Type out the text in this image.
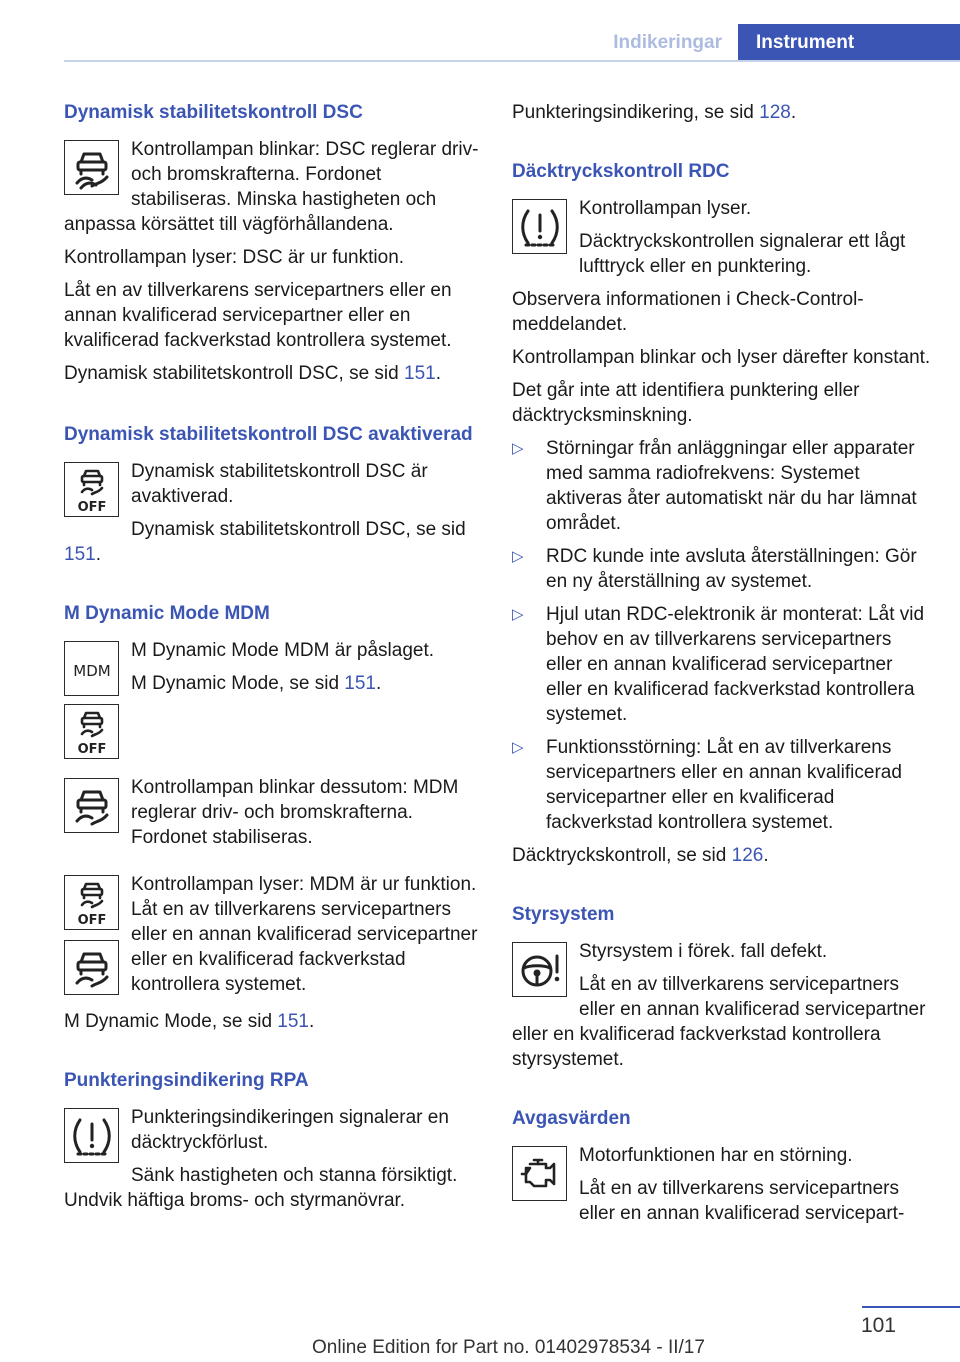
Indikeringar	Instrument
Dynamisk stabilitetskontroll DSC

Kontrollampan blinkar: DSC reglerar driv- och bromskrafterna. Fordonet stabiliseras. Minska hastigheten och anpassa körsättet till vägförhållandena.

Kontrollampan lyser: DSC är ur funktion.

Låt en av tillverkarens servicepartners eller en annan kvalificerad servicepartner eller en kvalificerad fackverkstad kontrollera systemet.

Dynamisk stabilitetskontroll DSC, se sid 151.

Dynamisk stabilitetskontroll DSC avaktiverad
OFF

Dynamisk stabilitetskontroll DSC är avaktiverad.

Dynamisk stabilitetskontroll DSC, se sid 151.

M Dynamic Mode MDM
MDM

M Dynamic Mode MDM är påslaget.

M Dynamic Mode, se sid 151.

OFF

Kontrollampan blinkar dessutom: MDM reglerar driv- och bromskrafterna. Fordonet stabiliseras.

OFF

Kontrollampan lyser: MDM är ur funktion. Låt en av tillverkarens servicepartners eller en annan kvalificerad servicepartner eller en kvalificerad fackverkstad kontrollera systemet.

M Dynamic Mode, se sid 151.

Punkteringsindikering RPA

Punkteringsindikeringen signalerar en däcktryckförlust.

Sänk hastigheten och stanna försiktigt. Undvik häftiga broms- och styrmanövrar.

Punkteringsindikering, se sid 128.

Däcktryckskontroll RDC

Kontrollampan lyser.

Däcktryckskontrollen signalerar ett lågt lufttryck eller en punktering.

Observera informationen i Check-Control-meddelandet.

Kontrollampan blinkar och lyser därefter konstant.

Det går inte att identifiera punktering eller däcktrycksminskning.

▷ Störningar från anläggningar eller apparater med samma radiofrekvens: Systemet aktiveras åter automatiskt när du har lämnat området.
▷ RDC kunde inte avsluta återställningen: Gör en ny återställning av systemet.
▷ Hjul utan RDC-elektronik är monterat: Låt vid behov en av tillverkarens servicepartners eller en annan kvalificerad servicepartner eller en kvalificerad fackverkstad kontrollera systemet.
▷ Funktionsstörning: Låt en av tillverkarens servicepartners eller en annan kvalificerad servicepartner eller en kvalificerad fackverkstad kontrollera systemet.

Däcktryckskontroll, se sid 126.

Styrsystem

Styrsystem i förek. fall defekt.

Låt en av tillverkarens servicepartners eller en annan kvalificerad servicepartner eller en kvalificerad fackverkstad kontrollera styrsystemet.

Avgasvärden

Motorfunktionen har en störning.

Låt en av tillverkarens servicepartners eller en annan kvalificerad servicepart-

101
Online Edition for Part no. 01402978534 - II/17
